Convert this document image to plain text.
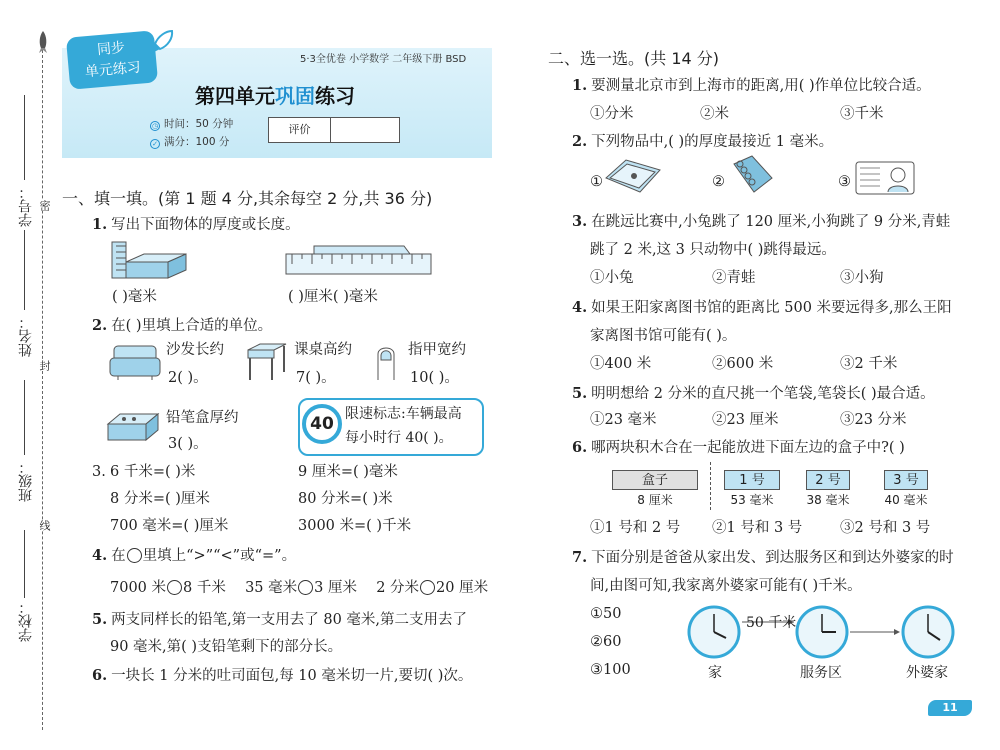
学号： 密
姓名：
封
班级：
线
学校：
同步
单元练习
5·3全优卷 小学数学 二年级下册 BSD
第四单元巩固练习
◷ 时间：50 分钟
✓ 满分：100 分
评价
一、填一填。(第 1 题 4 分,其余每空 2 分,共 36 分)
1. 写出下面物体的厚度或长度。
( )毫米	( )厘米( )毫米
2. 在( )里填上合适的单位。
沙发长约
2( )。
课桌高约
7( )。
指甲宽约
10( )。
铅笔盒厚约
3( )。
40 限速标志:车辆最高
每小时行 40( )。
3. 6 千米=( )米	9 厘米=( )毫米
8 分米=( )厘米	80 分米=( )米
700 毫米=( )厘米	3000 米=( )千米
4. 在 里填上“>”“<”或“=”。
7000 米 8 千米 35 毫米 3 厘米 2 分米 20 厘米
5. 两支同样长的铅笔,第一支用去了 80 毫米,第二支用去了
90 毫米,第( )支铅笔剩下的部分长。
6. 一块长 1 分米的吐司面包,每 10 毫米切一片,要切( )次。
二、选一选。(共 14 分)
1. 要测量北京市到上海市的距离,用( )作单位比较合适。
①分米	②米	③千米
2. 下列物品中,( )的厚度最接近 1 毫米。
①	②	③
3. 在跳远比赛中,小兔跳了 120 厘米,小狗跳了 9 分米,青蛙
跳了 2 米,这 3 只动物中( )跳得最远。
①小兔	②青蛙	③小狗
4. 如果王阳家离图书馆的距离比 500 米要远得多,那么王阳
家离图书馆可能有( )。
①400 米	②600 米	③2 千米
5. 明明想给 2 分米的直尺挑一个笔袋,笔袋长( )最合适。
①23 毫米	②23 厘米	③23 分米
6. 哪两块积木合在一起能放进下面左边的盒子中?( )
盒子
8 厘米
1 号
53 毫米
2 号
38 毫米
3 号
40 毫米
①1 号和 2 号 ②1 号和 3 号	③2 号和 3 号
7. 下面分别是爸爸从家出发、到达服务区和到达外婆家的时
间,由图可知,我家离外婆家可能有( )千米。
①50
②60
③100
50 千米
家	服务区	外婆家
11
